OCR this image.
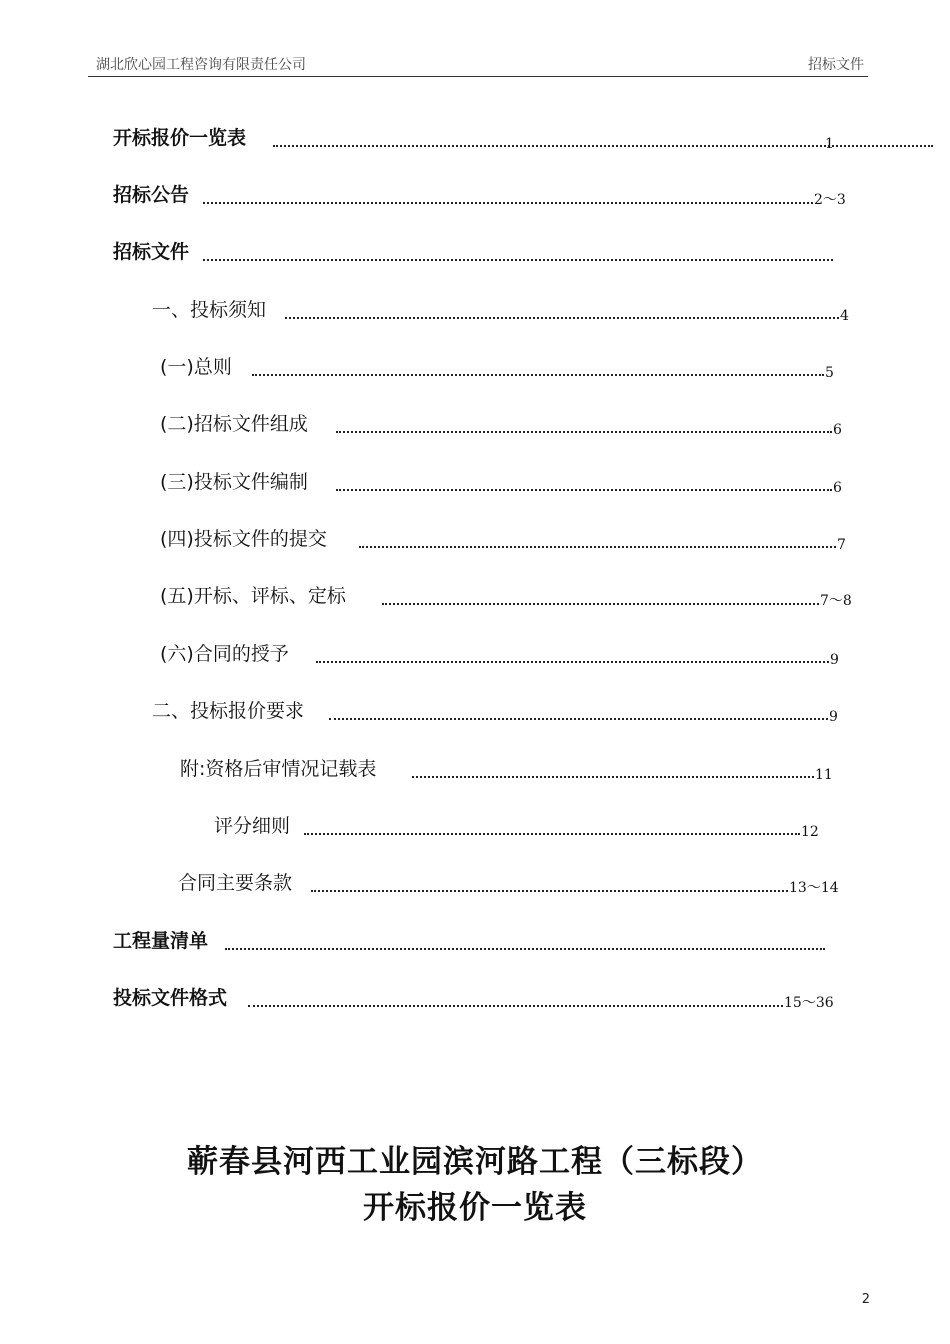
湖北欣心园工程咨询有限责任公司	招标文件
开标报价一览表	1
招标公告	2～3
招标文件
一、投标须知	4
(一)总则	5
(二)招标文件组成	6
(三)投标文件编制	6
(四)投标文件的提交	7
(五)开标、评标、定标	7～8
(六)合同的授予	9
二、投标报价要求	9
附:资格后审情况记载表	11
评分细则	12
合同主要条款	13～14
工程量清单
投标文件格式	15～36
蕲春县河西工业园滨河路工程（三标段）
开标报价一览表
2
